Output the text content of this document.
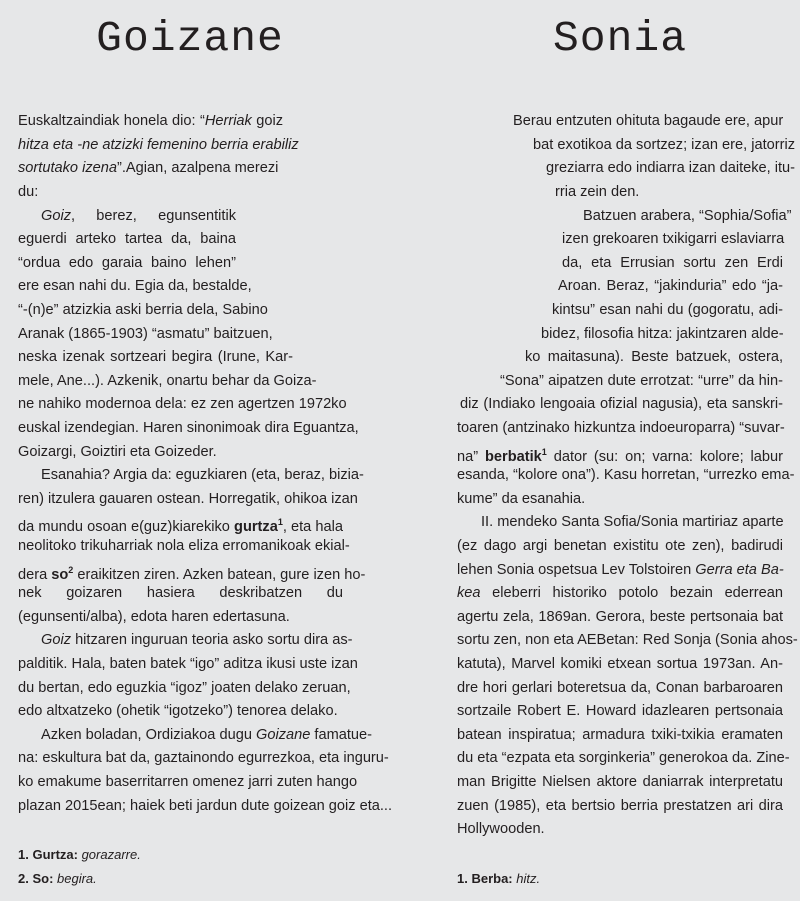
Goizane	Sonia
Euskaltzaindiak honela dio: “Herriak goiz
hitza eta -ne atzizki femenino berria erabiliz
sortutako izena”.Agian, azalpena merezi
du:
Goiz, berez, egunsentitik
eguerdi arteko tartea da, baina
“ordua edo garaia baino lehen”
ere esan nahi du. Egia da, bestalde,
“-(n)e” atzizkia aski berria dela, Sabino
Aranak (1865-1903) “asmatu” baitzuen,
neska izenak sortzeari begira (Irune, Kar-
mele, Ane...). Azkenik, onartu behar da Goiza-
ne nahiko modernoa dela: ez zen agertzen 1972ko
euskal izendegian. Haren sinonimoak dira Eguantza,
Goizargi, Goiztiri eta Goizeder.
Esanahia? Argia da: eguzkiaren (eta, beraz, bizia-
ren) itzulera gauaren ostean. Horregatik, ohikoa izan
da mundu osoan e(guz)kiarekiko gurtza$^1$, eta hala
neolitoko trikuharriak nola eliza erromanikoak ekial-
dera $so^2$ eraikitzen ziren. Azken batean, gure izen ho-
nek goizaren hasiera deskribatzen du
(egunsenti/alba), edota haren edertasuna.
Goiz hitzaren inguruan teoria asko sortu dira as-
palditik. Hala, baten batek “igo” aditza ikusi uste izan
du bertan, edo eguzkia “igoz” joaten delako zeruan,
edo altxatzeko (ohetik “igotzeko”) tenorea delako.
Azken boladan, Ordiziakoa dugu Goizane famatue-
na: eskultura bat da, gaztainondo egurrezkoa, eta inguru-
ko emakume baserritarren omenez jarri zuten hango
plazan 2015ean; haiek beti jardun dute goizean goiz eta...
1. Gurtza: gorazarre.
2. So: begira.
Berau entzuten ohituta bagaude ere, apur
bat exotikoa da sortzez; izan ere, jatorriz
greziarra edo indiarra izan daiteke, itu-
rria zein den.
Batzuen arabera, “Sophia/Sofia”
izen grekoaren txikigarri eslaviarra
da, eta Errusian sortu zen Erdi
Aroan. Beraz, “jakinduria” edo “ja-
kintsu” esan nahi du (gogoratu, adi-
bidez, filosofia hitza: jakintzaren alde-
ko maitasuna). Beste batzuek, ostera,
“Sona” aipatzen dute errotzat: “urre” da hin-
diz (Indiako lengoaia ofizial nagusia), eta sanskri-
toaren (antzinako hizkuntza indoeuroparra) “suvar-
na” berbatik$^1$ dator (su: on; varna: kolore; labur
esanda, “kolore ona”). Kasu horretan, “urrezko ema-
kume” da esanahia.
II. mendeko Santa Sofia/Sonia martiriaz aparte
(ez dago argi benetan existitu ote zen), badirudi
lehen Sonia ospetsua Lev Tolstoiren Gerra eta Ba-
kea eleberri historiko potolo bezain ederrean
agertu zela, 1869an. Gerora, beste pertsonaia bat
sortu zen, non eta AEBetan: Red Sonja (Sonia ahos-
katuta), Marvel komiki etxean sortua 1973an. An-
dre hori gerlari boteretsua da, Conan barbaroaren
sortzaile Robert E. Howard idazlearen pertsonaia
batean inspiratua; armadura txiki-txikia eramaten
du eta “ezpata eta sorginkeria” generokoa da. Zine-
man Brigitte Nielsen aktore daniarrak interpretatu
zuen (1985), eta bertsio berria prestatzen ari dira
Hollywooden.
1. Berba: hitz.
